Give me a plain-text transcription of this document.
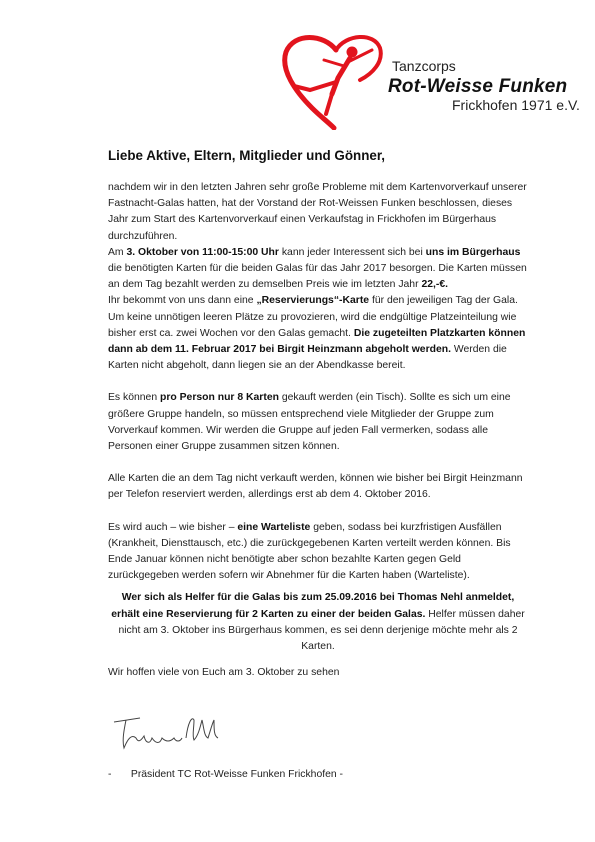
Tanzcorps
Rot-Weisse Funken
Frickhofen 1971 e.V.
Liebe Aktive, Eltern, Mitglieder und Gönner,

nachdem wir in den letzten Jahren sehr große Probleme mit dem Kartenvorverkauf unserer Fastnacht-Galas hatten, hat der Vorstand der Rot-Weissen Funken beschlossen, dieses Jahr zum Start des Kartenvorverkauf einen Verkaufstag in Frickhofen im Bürgerhaus durchzuführen.

Am 3. Oktober von 11:00-15:00 Uhr kann jeder Interessent sich bei uns im Bürgerhaus die benötigten Karten für die beiden Galas für das Jahr 2017 besorgen. Die Karten müssen an dem Tag bezahlt werden zu demselben Preis wie im letzten Jahr 22,-€.

Ihr bekommt von uns dann eine „Reservierungs“-Karte für den jeweiligen Tag der Gala. Um keine unnötigen leeren Plätze zu provozieren, wird die endgültige Platzeinteilung wie bisher erst ca. zwei Wochen vor den Galas gemacht. Die zugeteilten Platzkarten können dann ab dem 11. Februar 2017 bei Birgit Heinzmann abgeholt werden. Werden die Karten nicht abgeholt, dann liegen sie an der Abendkasse bereit.

Es können pro Person nur 8 Karten gekauft werden (ein Tisch). Sollte es sich um eine größere Gruppe handeln, so müssen entsprechend viele Mitglieder der Gruppe zum Vorverkauf kommen. Wir werden die Gruppe auf jeden Fall vermerken, sodass alle Personen einer Gruppe zusammen sitzen können.

Alle Karten die an dem Tag nicht verkauft werden, können wie bisher bei Birgit Heinzmann per Telefon reserviert werden, allerdings erst ab dem 4. Oktober 2016.

Es wird auch – wie bisher – eine Warteliste geben, sodass bei kurzfristigen Ausfällen (Krankheit, Diensttausch, etc.) die zurückgegebenen Karten verteilt werden können. Bis Ende Januar können nicht benötigte aber schon bezahlte Karten gegen Geld zurückgegeben werden sofern wir Abnehmer für die Karten haben (Warteliste).

Wer sich als Helfer für die Galas bis zum 25.09.2016 bei Thomas Nehl anmeldet, erhält eine Reservierung für 2 Karten zu einer der beiden Galas. Helfer müssen daher nicht am 3. Oktober ins Bürgerhaus kommen, es sei denn derjenige möchte mehr als 2 Karten.

Wir hoffen viele von Euch am 3. Oktober zu sehen

- Präsident TC Rot-Weisse Funken Frickhofen -
